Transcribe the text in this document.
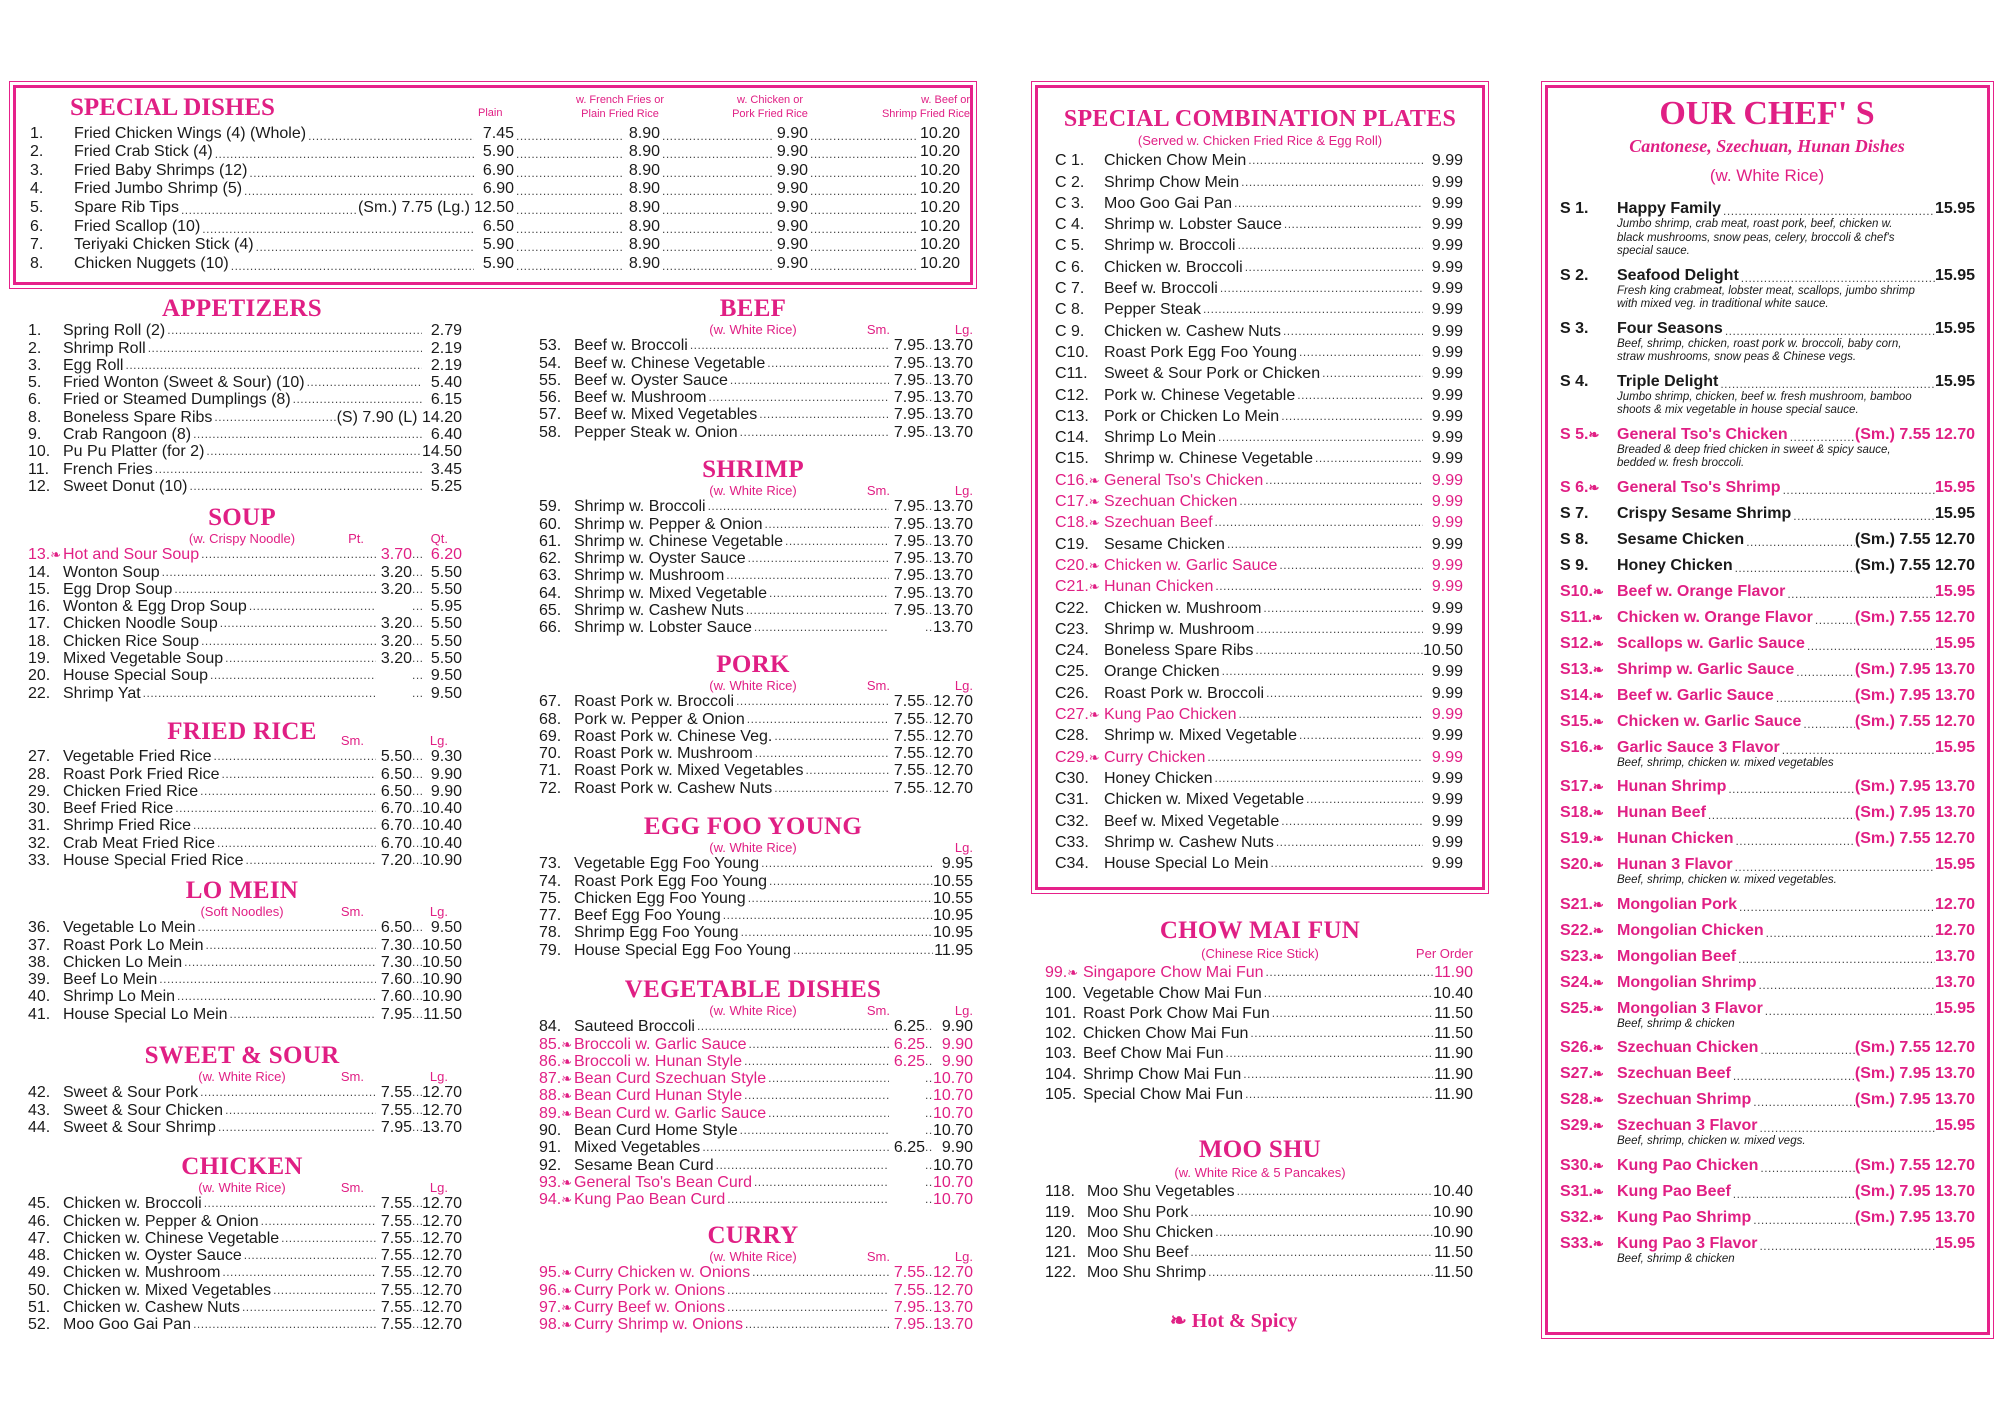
SPECIAL DISHES	Plain
w. French Fries or
Plain Fried Rice
w. Chicken or
Pork Fried Rice
w. Beef or
Shrimp Fried Rice
1.	Fried Chicken Wings (4) (Whole) .....	7.45 .....	8.90 .....	9.90 .....	10.20
2.	Fried Crab Stick (4) .....	5.90 .....	8.90 .....	9.90 .....	10.20
3.	Fried Baby Shrimps (12) .....	6.90 .....	8.90 .....	9.90 .....	10.20
4.	Fried Jumbo Shrimp (5) .....	6.90 .....	8.90 .....	9.90 .....	10.20
5.	Spare Rib Tips .....	(Sm.) 7.75 (Lg.) 12.50 .....	8.90 .....	9.90 .....	10.20
6.	Fried Scallop (10) .....	6.50 .....	8.90 .....	9.90 .....	10.20
7.	Teriyaki Chicken Stick (4) .....	5.90 .....	8.90 .....	9.90 .....	10.20
8.	Chicken Nuggets (10) .....	5.90 .....	8.90 .....	9.90 .....	10.20
APPETIZERS
1.	Spring Roll (2) .....	2.79
2.	Shrimp Roll .....	2.19
3.	Egg Roll .....	2.19
5.	Fried Wonton (Sweet & Sour) (10) .....	5.40
6.	Fried or Steamed Dumplings (8) .....	6.15
8.	Boneless Spare Ribs .....	(S) 7.90 (L) 14.20
9.	Crab Rangoon (8) .....	6.40
10. Pu Pu Platter (for 2) .....	14.50
11. French Fries .....	3.45
12. Sweet Donut (10) .....	5.25
SOUP
(w. Crispy Noodle)	Pt.	Qt.
13.❧ Hot and Sour Soup .....	3.70 .....	6.20
14. Wonton Soup .....	3.20 .....	5.50
15. Egg Drop Soup .....	3.20 .....	5.50
16. Wonton & Egg Drop Soup ..... .....	5.95
17. Chicken Noodle Soup .....	3.20 .....	5.50
18. Chicken Rice Soup .....	3.20 .....	5.50
19. Mixed Vegetable Soup .....	3.20 .....	5.50
20. House Special Soup ..... .....	9.50
22. Shrimp Yat ..... .....	9.50
FRIED RICE	Sm.	Lg.
27. Vegetable Fried Rice .....	5.50 .....	9.30
28. Roast Pork Fried Rice .....	6.50 .....	9.90
29. Chicken Fried Rice .....	6.50 .....	9.90
30. Beef Fried Rice .....	6.70 ..... 10.40
31. Shrimp Fried Rice .....	6.70 ..... 10.40
32. Crab Meat Fried Rice .....	6.70 ..... 10.40
33. House Special Fried Rice .....	7.20 ..... 10.90
LO MEIN
(Soft Noodles)	Sm.	Lg.
36. Vegetable Lo Mein .....	6.50 .....	9.50
37. Roast Pork Lo Mein .....	7.30 ..... 10.50
38. Chicken Lo Mein .....	7.30 ..... 10.50
39. Beef Lo Mein .....	7.60 ..... 10.90
40. Shrimp Lo Mein .....	7.60 ..... 10.90
41. House Special Lo Mein .....	7.95 ..... 11.50
SWEET & SOUR
(w. White Rice)	Sm.	Lg.
42. Sweet & Sour Pork .....	7.55 ..... 12.70
43. Sweet & Sour Chicken .....	7.55 ..... 12.70
44. Sweet & Sour Shrimp .....	7.95 ..... 13.70
CHICKEN
(w. White Rice)	Sm.	Lg.
45. Chicken w. Broccoli .....	7.55 ..... 12.70
46. Chicken w. Pepper & Onion .....	7.55 ..... 12.70
47. Chicken w. Chinese Vegetable .....	7.55 ..... 12.70
48. Chicken w. Oyster Sauce .....	7.55 ..... 12.70
49. Chicken w. Mushroom .....	7.55 ..... 12.70
50. Chicken w. Mixed Vegetables .....	7.55 ..... 12.70
51. Chicken w. Cashew Nuts .....	7.55 ..... 12.70
52. Moo Goo Gai Pan .....	7.55 ..... 12.70
BEEF
(w. White Rice)	Sm.	Lg.
53. Beef w. Broccoli .....	7.95 ..... 13.70
54. Beef w. Chinese Vegetable .....	7.95 ..... 13.70
55. Beef w. Oyster Sauce .....	7.95 ..... 13.70
56. Beef w. Mushroom .....	7.95 ..... 13.70
57. Beef w. Mixed Vegetables .....	7.95 ..... 13.70
58. Pepper Steak w. Onion .....	7.95 ..... 13.70
SHRIMP
(w. White Rice)	Sm.	Lg.
59. Shrimp w. Broccoli .....	7.95 ..... 13.70
60. Shrimp w. Pepper & Onion .....	7.95 ..... 13.70
61. Shrimp w. Chinese Vegetable .....	7.95 ..... 13.70
62. Shrimp w. Oyster Sauce .....	7.95 ..... 13.70
63. Shrimp w. Mushroom .....	7.95 ..... 13.70
64. Shrimp w. Mixed Vegetable .....	7.95 ..... 13.70
65. Shrimp w. Cashew Nuts .....	7.95 ..... 13.70
66. Shrimp w. Lobster Sauce ..... .....	13.70
PORK
(w. White Rice)	Sm.	Lg.
67. Roast Pork w. Broccoli .....	7.55 ..... 12.70
68. Pork w. Pepper & Onion .....	7.55 ..... 12.70
69. Roast Pork w. Chinese Veg. .....	7.55 ..... 12.70
70. Roast Pork w. Mushroom .....	7.55 ..... 12.70
71. Roast Pork w. Mixed Vegetables .....	7.55 ..... 12.70
72. Roast Pork w. Cashew Nuts .....	7.55 ..... 12.70
EGG FOO YOUNG
(w. White Rice)	Lg.
73. Vegetable Egg Foo Young .....	9.95
74. Roast Pork Egg Foo Young .....	10.55
75. Chicken Egg Foo Young .....	10.55
77. Beef Egg Foo Young .....	10.95
78. Shrimp Egg Foo Young .....	10.95
79. House Special Egg Foo Young .....	11.95
VEGETABLE DISHES
(w. White Rice)	Sm.	Lg.
84. Sauteed Broccoli .....	6.25 .....	9.90
85.❧ Broccoli w. Garlic Sauce .....	6.25 .....	9.90
86.❧ Broccoli w. Hunan Style .....	6.25 .....	9.90
87.❧ Bean Curd Szechuan Style ..... .....	10.70
88.❧ Bean Curd Hunan Style ..... .....	10.70
89.❧ Bean Curd w. Garlic Sauce ..... .....	10.70
90. Bean Curd Home Style ..... .....	10.70
91. Mixed Vegetables .....	6.25 .....	9.90
92. Sesame Bean Curd ..... .....	10.70
93.❧ General Tso's Bean Curd ..... .....	10.70
94.❧ Kung Pao Bean Curd ..... .....	10.70
CURRY
(w. White Rice)	Sm.	Lg.
95.❧ Curry Chicken w. Onions .....	7.55 ..... 12.70
96.❧ Curry Pork w. Onions .....	7.55 ..... 12.70
97.❧ Curry Beef w. Onions .....	7.95 ..... 13.70
98.❧ Curry Shrimp w. Onions .....	7.95 ..... 13.70
SPECIAL COMBINATION PLATES
(Served w. Chicken Fried Rice & Egg Roll)
C 1.	Chicken Chow Mein .....	9.99
C 2.	Shrimp Chow Mein .....	9.99
C 3.	Moo Goo Gai Pan .....	9.99
C 4.	Shrimp w. Lobster Sauce .....	9.99
C 5.	Shrimp w. Broccoli .....	9.99
C 6.	Chicken w. Broccoli .....	9.99
C 7.	Beef w. Broccoli .....	9.99
C 8.	Pepper Steak .....	9.99
C 9.	Chicken w. Cashew Nuts .....	9.99
C10. Roast Pork Egg Foo Young .....	9.99
C11.	Sweet & Sour Pork or Chicken .....	9.99
C12. Pork w. Chinese Vegetable .....	9.99
C13. Pork or Chicken Lo Mein .....	9.99
C14. Shrimp Lo Mein .....	9.99
C15. Shrimp w. Chinese Vegetable .....	9.99
C16.❧ General Tso's Chicken .....	9.99
C17.❧ Szechuan Chicken .....	9.99
C18.❧ Szechuan Beef .....	9.99
C19. Sesame Chicken .....	9.99
C20.❧ Chicken w. Garlic Sauce .....	9.99
C21.❧ Hunan Chicken .....	9.99
C22. Chicken w. Mushroom .....	9.99
C23. Shrimp w. Mushroom .....	9.99
C24. Boneless Spare Ribs .....	10.50
C25. Orange Chicken .....	9.99
C26. Roast Pork w. Broccoli .....	9.99
C27.❧ Kung Pao Chicken .....	9.99
C28. Shrimp w. Mixed Vegetable .....	9.99
C29.❧ Curry Chicken .....	9.99
C30. Honey Chicken .....	9.99
C31. Chicken w. Mixed Vegetable .....	9.99
C32. Beef w. Mixed Vegetable .....	9.99
C33. Shrimp w. Cashew Nuts .....	9.99
C34. House Special Lo Mein .....	9.99
CHOW MAI FUN
(Chinese Rice Stick)	Per Order
99.❧ Singapore Chow Mai Fun .....	11.90
100. Vegetable Chow Mai Fun .....	10.40
101. Roast Pork Chow Mai Fun .....	11.50
102. Chicken Chow Mai Fun .....	11.50
103. Beef Chow Mai Fun .....	11.90
104. Shrimp Chow Mai Fun .....	11.90
105. Special Chow Mai Fun .....	11.90
MOO SHU
(w. White Rice & 5 Pancakes)
118. Moo Shu Vegetables .....	10.40
119. Moo Shu Pork .....	10.90
120. Moo Shu Chicken .....	10.90
121. Moo Shu Beef .....	11.50
122. Moo Shu Shrimp .....	11.50
❧ Hot & Spicy
OUR CHEF' S
Cantonese, Szechuan, Hunan Dishes
(w. White Rice)
S 1.	Happy Family .....	15.95
Jumbo shrimp, crab meat, roast pork, beef, chicken w. black mushrooms, snow peas, celery, broccoli & chef's special sauce.
S 2.	Seafood Delight .....	15.95
Fresh king crabmeat, lobster meat, scallops, jumbo shrimp with mixed veg. in traditional white sauce.
S 3.	Four Seasons .....	15.95
Beef, shrimp, chicken, roast pork w. broccoli, baby corn, straw mushrooms, snow peas & Chinese vegs.
S 4.	Triple Delight .....	15.95
Jumbo shrimp, chicken, beef w. fresh mushroom, bamboo shoots & mix vegetable in house special sauce.
S 5.❧	General Tso's Chicken .....	(Sm.) 7.55 12.70
Breaded & deep fried chicken in sweet & spicy sauce, bedded w. fresh broccoli.
S 6.❧	General Tso's Shrimp .....	15.95
S 7.	Crispy Sesame Shrimp .....	15.95
S 8.	Sesame Chicken .....	(Sm.) 7.55 12.70
S 9.	Honey Chicken .....	(Sm.) 7.55 12.70
S10.❧ Beef w. Orange Flavor .....	15.95
S11.❧ Chicken w. Orange Flavor .....	(Sm.) 7.55 12.70
S12.❧ Scallops w. Garlic Sauce .....	15.95
S13.❧ Shrimp w. Garlic Sauce .....	(Sm.) 7.95 13.70
S14.❧ Beef w. Garlic Sauce .....	(Sm.) 7.95 13.70
S15.❧ Chicken w. Garlic Sauce .....	(Sm.) 7.55 12.70
S16.❧ Garlic Sauce 3 Flavor .....	15.95
Beef, shrimp, chicken w. mixed vegetables
S17.❧ Hunan Shrimp .....	(Sm.) 7.95 13.70
S18.❧ Hunan Beef .....	(Sm.) 7.95 13.70
S19.❧ Hunan Chicken .....	(Sm.) 7.55 12.70
S20.❧ Hunan 3 Flavor .....	15.95
Beef, shrimp, chicken w. mixed vegetables.
S21.❧ Mongolian Pork .....	12.70
S22.❧ Mongolian Chicken .....	12.70
S23.❧ Mongolian Beef .....	13.70
S24.❧ Mongolian Shrimp .....	13.70
S25.❧ Mongolian 3 Flavor .....	15.95
Beef, shrimp & chicken
S26.❧ Szechuan Chicken .....	(Sm.) 7.55 12.70
S27.❧ Szechuan Beef .....	(Sm.) 7.95 13.70
S28.❧ Szechuan Shrimp .....	(Sm.) 7.95 13.70
S29.❧ Szechuan 3 Flavor .....	15.95
Beef, shrimp, chicken w. mixed vegs.
S30.❧ Kung Pao Chicken .....	(Sm.) 7.55 12.70
S31.❧ Kung Pao Beef .....	(Sm.) 7.95 13.70
S32.❧ Kung Pao Shrimp .....	(Sm.) 7.95 13.70
S33.❧ Kung Pao 3 Flavor .....	15.95
Beef, shrimp & chicken
